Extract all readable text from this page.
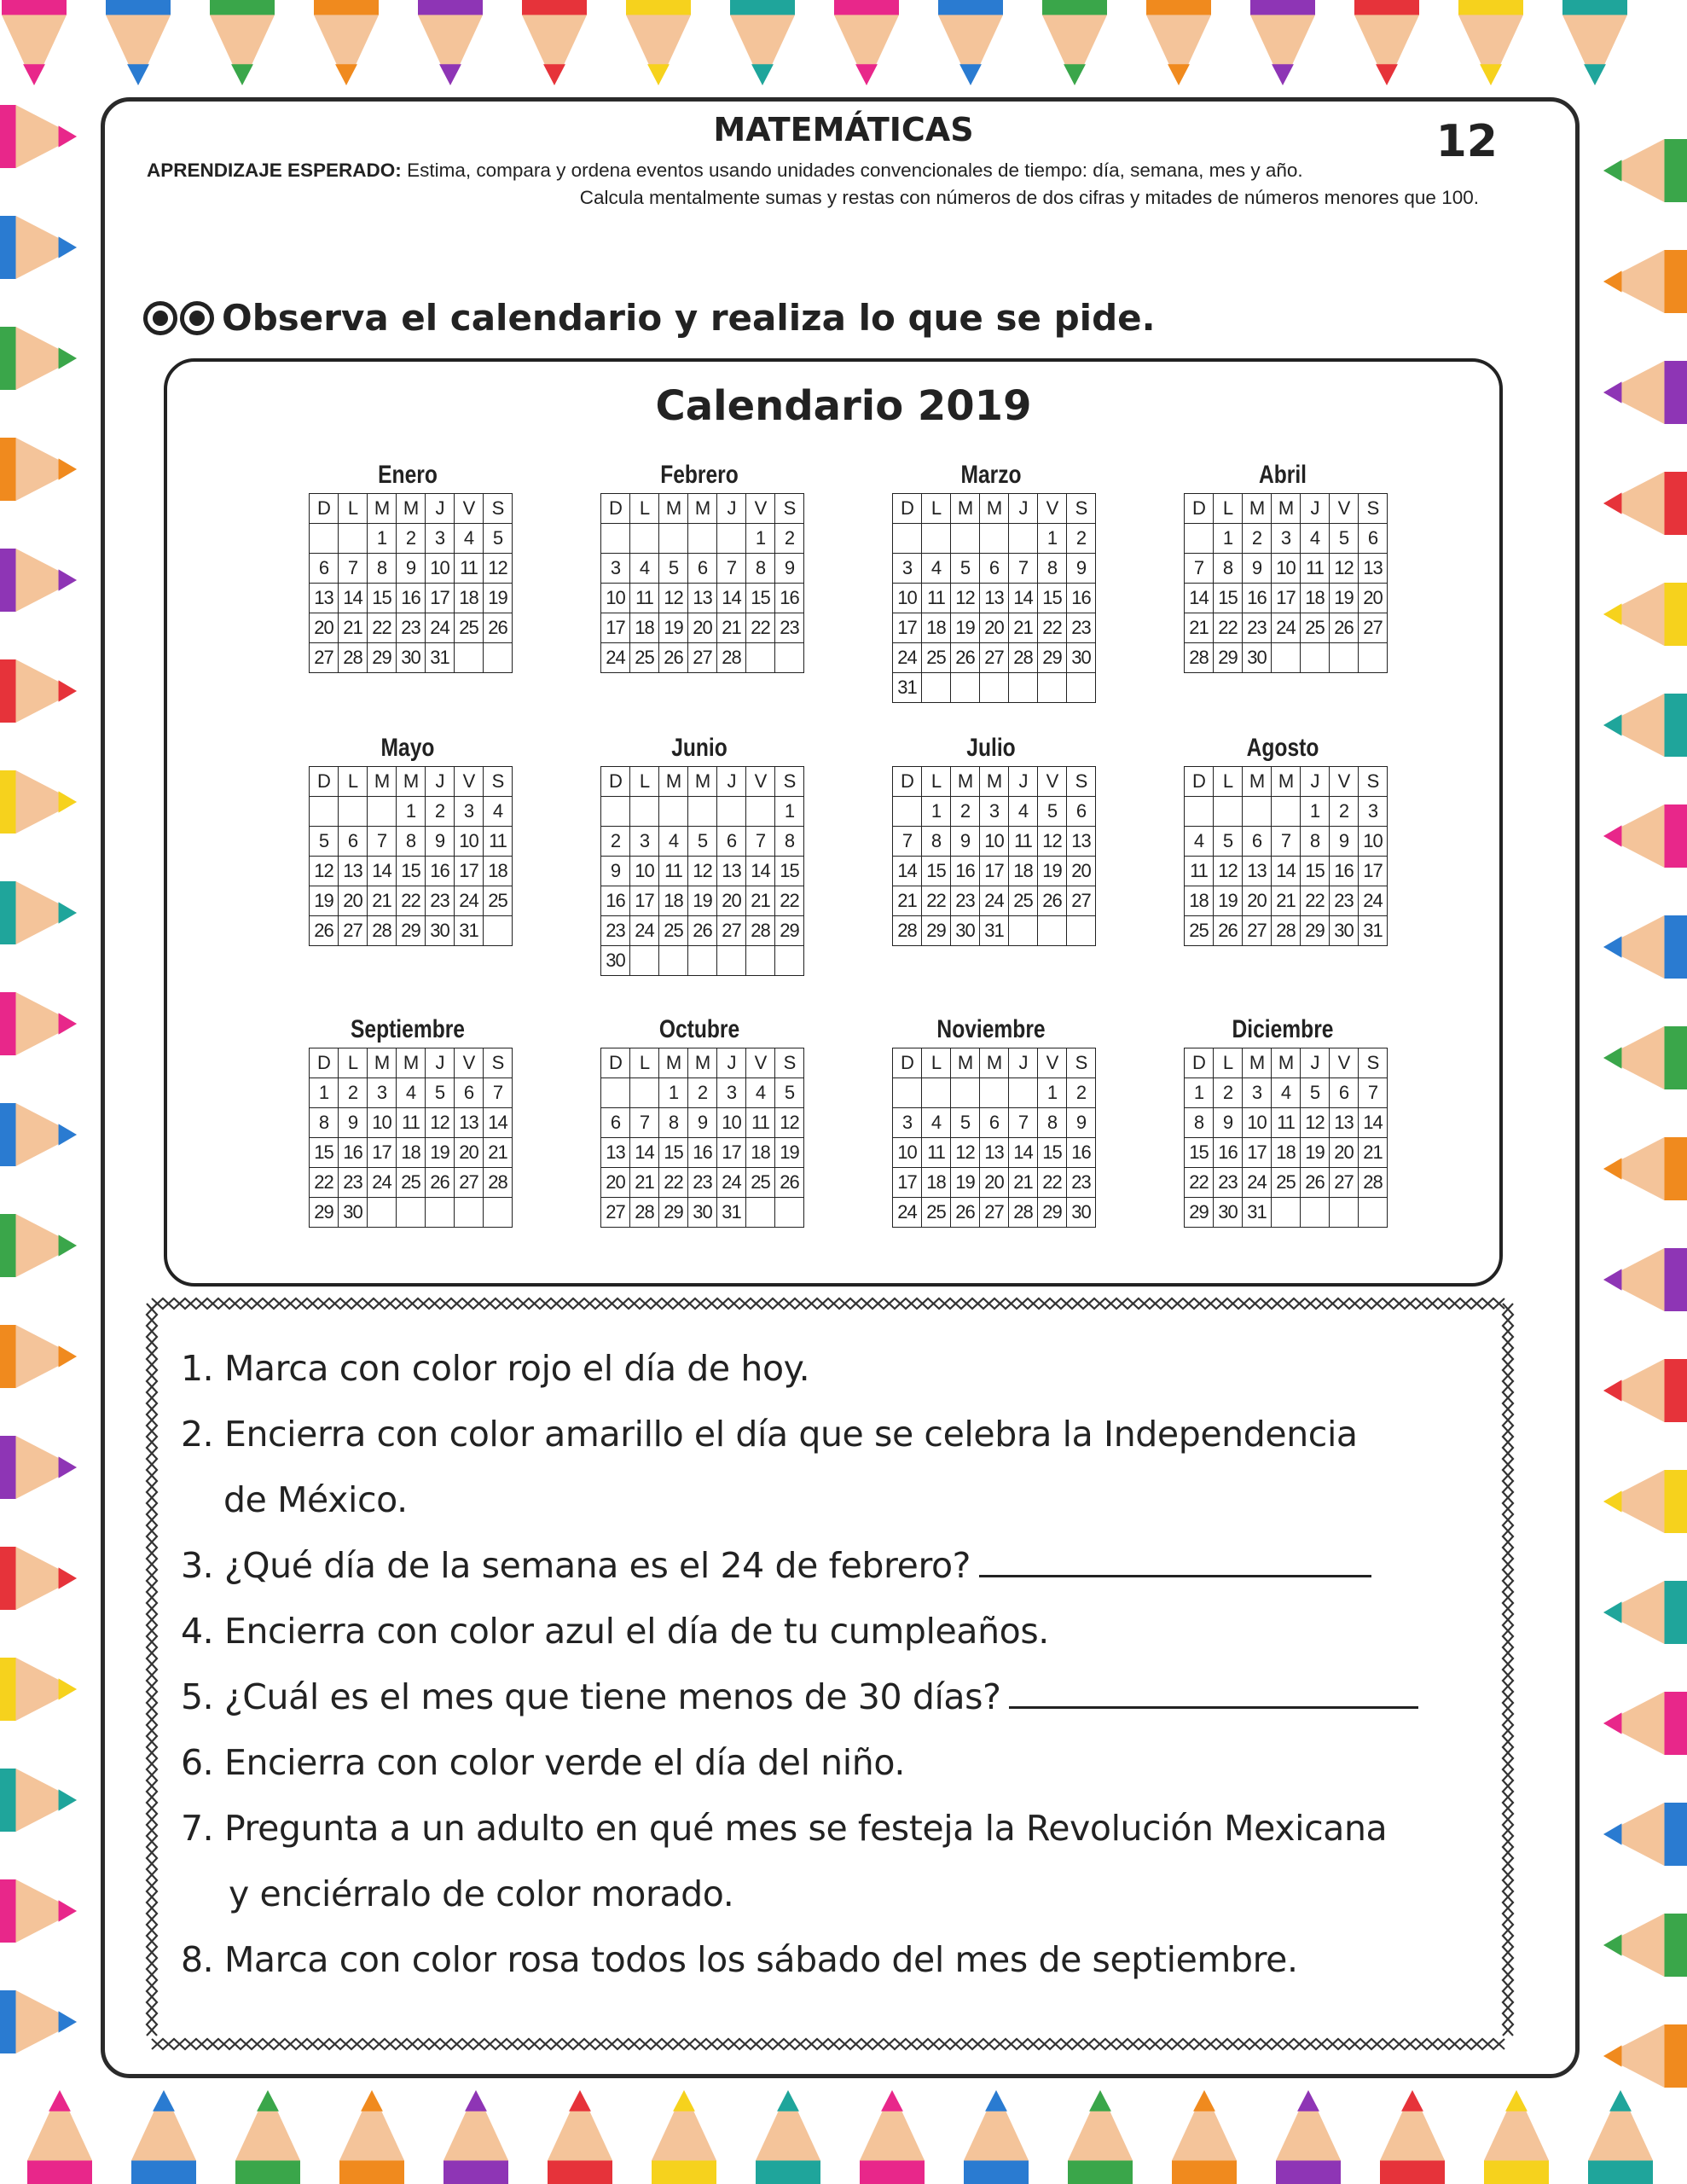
MATEMÁTICAS	12
APRENDIZAJE ESPERADO: Estima, compara y ordena eventos usando unidades convencionales de tiempo: día, semana, mes y año.
Calcula mentalmente sumas y restas con números de dos cifras y mitades de números menores que 100.
Observa el calendario y realiza lo que se pide.
Calendario 2019
Enero
D	L	M	M	J	V	S
		1	2	3	4	5
6	7	8	9	10	11	12
13	14	15	16	17	18	19
20	21	22	23	24	25	26
27	28	29	30	31		
Febrero
D	L	M	M	J	V	S
					1	2
3	4	5	6	7	8	9
10	11	12	13	14	15	16
17	18	19	20	21	22	23
24	25	26	27	28		
Marzo
D	L	M	M	J	V	S
					1	2
3	4	5	6	7	8	9
10	11	12	13	14	15	16
17	18	19	20	21	22	23
24	25	26	27	28	29	30
31						
Abril
D	L	M	M	J	V	S
	1	2	3	4	5	6
7	8	9	10	11	12	13
14	15	16	17	18	19	20
21	22	23	24	25	26	27
28	29	30				
Mayo
D	L	M	M	J	V	S
			1	2	3	4
5	6	7	8	9	10	11
12	13	14	15	16	17	18
19	20	21	22	23	24	25
26	27	28	29	30	31	
Junio
D	L	M	M	J	V	S
						1
2	3	4	5	6	7	8
9	10	11	12	13	14	15
16	17	18	19	20	21	22
23	24	25	26	27	28	29
30						
Julio
D	L	M	M	J	V	S
	1	2	3	4	5	6
7	8	9	10	11	12	13
14	15	16	17	18	19	20
21	22	23	24	25	26	27
28	29	30	31			
Agosto
D	L	M	M	J	V	S
				1	2	3
4	5	6	7	8	9	10
11	12	13	14	15	16	17
18	19	20	21	22	23	24
25	26	27	28	29	30	31
Septiembre
D	L	M	M	J	V	S
1	2	3	4	5	6	7
8	9	10	11	12	13	14
15	16	17	18	19	20	21
22	23	24	25	26	27	28
29	30					
Octubre
D	L	M	M	J	V	S
		1	2	3	4	5
6	7	8	9	10	11	12
13	14	15	16	17	18	19
20	21	22	23	24	25	26
27	28	29	30	31		
Noviembre
D	L	M	M	J	V	S
					1	2
3	4	5	6	7	8	9
10	11	12	13	14	15	16
17	18	19	20	21	22	23
24	25	26	27	28	29	30
Diciembre
D	L	M	M	J	V	S
1	2	3	4	5	6	7
8	9	10	11	12	13	14
15	16	17	18	19	20	21
22	23	24	25	26	27	28
29	30	31				
1. Marca con color rojo el día de hoy.
2. Encierra con color amarillo el día que se celebra la Independencia
de México.
3. ¿Qué día de la semana es el 24 de febrero?
4. Encierra con color azul el día de tu cumpleaños.
5. ¿Cuál es el mes que tiene menos de 30 días?
6. Encierra con color verde el día del niño.
7. Pregunta a un adulto en qué mes se festeja la Revolución Mexicana
y enciérralo de color morado.
8. Marca con color rosa todos los sábado del mes de septiembre.
